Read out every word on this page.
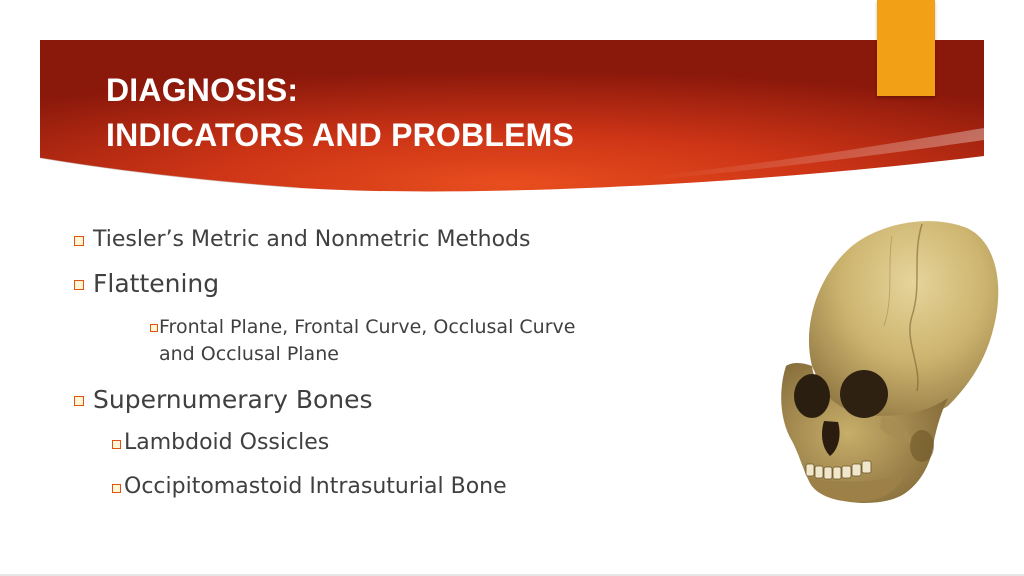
DIAGNOSIS:
INDICATORS AND PROBLEMS
Tiesler’s Metric and Nonmetric Methods
Flattening
Frontal Plane, Frontal Curve, Occlusal Curve
and Occlusal Plane
Supernumerary Bones
Lambdoid Ossicles
Occipitomastoid Intrasuturial Bone
